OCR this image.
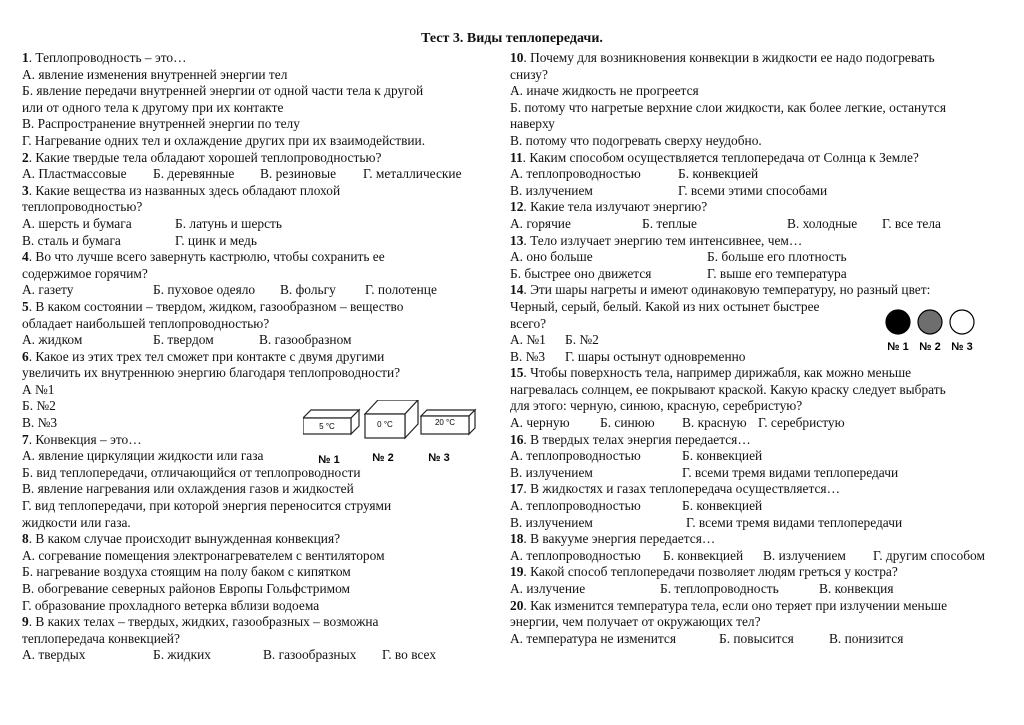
Тест 3. Виды теплопередачи.
1. Теплопроводность – это…
А. явление изменения внутренней энергии тел
Б. явление передачи внутренней энергии от одной части тела к другой
или от одного тела к другому при их контакте
В. Распространение внутренней энергии по телу
Г. Нагревание одних тел и охлаждение других при их взаимодействии.
2. Какие твердые тела обладают хорошей теплопроводностью?
А. Пластмассовые Б. деревянные В. резиновые Г. металлические
3. Какие вещества из названных здесь обладают плохой
теплопроводностью?
А. шерсть и бумага	Б. латунь и шерсть
В. сталь и бумага	Г. цинк и медь
4. Во что лучше всего завернуть кастрюлю, чтобы сохранить ее
содержимое горячим?
А. газету	Б. пуховое одеяло В. фольгу Г. полотенце
5. В каком состоянии – твердом, жидком, газообразном – вещество
обладает наибольшей теплопроводностью?
А. жидком	Б. твердом	В. газообразном
6. Какое из этих трех тел сможет при контакте с двумя другими
увеличить их внутреннюю энергию благодаря теплопроводности?
А №1
Б. №2
В. №3
7. Конвекция – это…
А. явление циркуляции жидкости или газа
Б. вид теплопередачи, отличающийся от теплопроводности
В. явление нагревания или охлаждения газов и жидкостей
Г. вид теплопередачи, при которой энергия переносится струями
жидкости или газа.
8. В каком случае происходит вынужденная конвекция?
А. согревание помещения электронагревателем с вентилятором
Б. нагревание воздуха стоящим на полу баком с кипятком
В. обогревание северных районов Европы Гольфстримом
Г. образование прохладного ветерка вблизи водоема
9. В каких телах – твердых, жидких, газообразных – возможна
теплопередача конвекцией?
А. твердых	Б. жидких	В. газообразных Г. во всех
10. Почему для возникновения конвекции в жидкости ее надо подогревать
снизу?
А. иначе жидкость не прогреется
Б. потому что нагретые верхние слои жидкости, как более легкие, останутся
наверху
В. потому что подогревать сверху неудобно.
11. Каким способом осуществляется теплопередача от Солнца к Земле?
А. теплопроводностью	Б. конвекцией
В. излучением	Г. всеми этими способами
12. Какие тела излучают энергию?
А. горячие	Б. теплые	В. холодные Г. все тела
13. Тело излучает энергию тем интенсивнее, чем…
А. оно больше	Б. больше его плотность
Б. быстрее оно движется	Г. выше его температура
14. Эти шары нагреты и имеют одинаковую температуру, но разный цвет:
Черный, серый, белый. Какой из них остынет быстрее
всего?
А. №1 Б. №2
В. №3 Г. шары остынут одновременно
15. Чтобы поверхность тела, например дирижабля, как можно меньше
нагревалась солнцем, ее покрывают краской. Какую краску следует выбрать
для этого: черную, синюю, красную, серебристую?
А. черную Б. синюю В. красную Г. серебристую
16. В твердых телах энергия передается…
А. теплопроводностью	Б. конвекцией
В. излучением	Г. всеми тремя видами теплопередачи
17. В жидкостях и газах теплопередача осуществляется…
А. теплопроводностью	Б. конвекцией
В. излучением	Г. всеми тремя видами теплопередачи
18. В вакууме энергия передается…
А. теплопроводностью Б. конвекцией В. излучением Г. другим способом
19. Какой способ теплопередачи позволяет людям греться у костра?
А. излучение	Б. теплопроводность	В. конвекция
20. Как изменится температура тела, если оно теряет при излучении меньше
энергии, чем получает от окружающих тел?
А. температура не изменится	Б. повысится	В. понизится
5 °C	0 °C	20 °C
№ 1	№ 2	№ 3
№ 1 № 2 № 3
